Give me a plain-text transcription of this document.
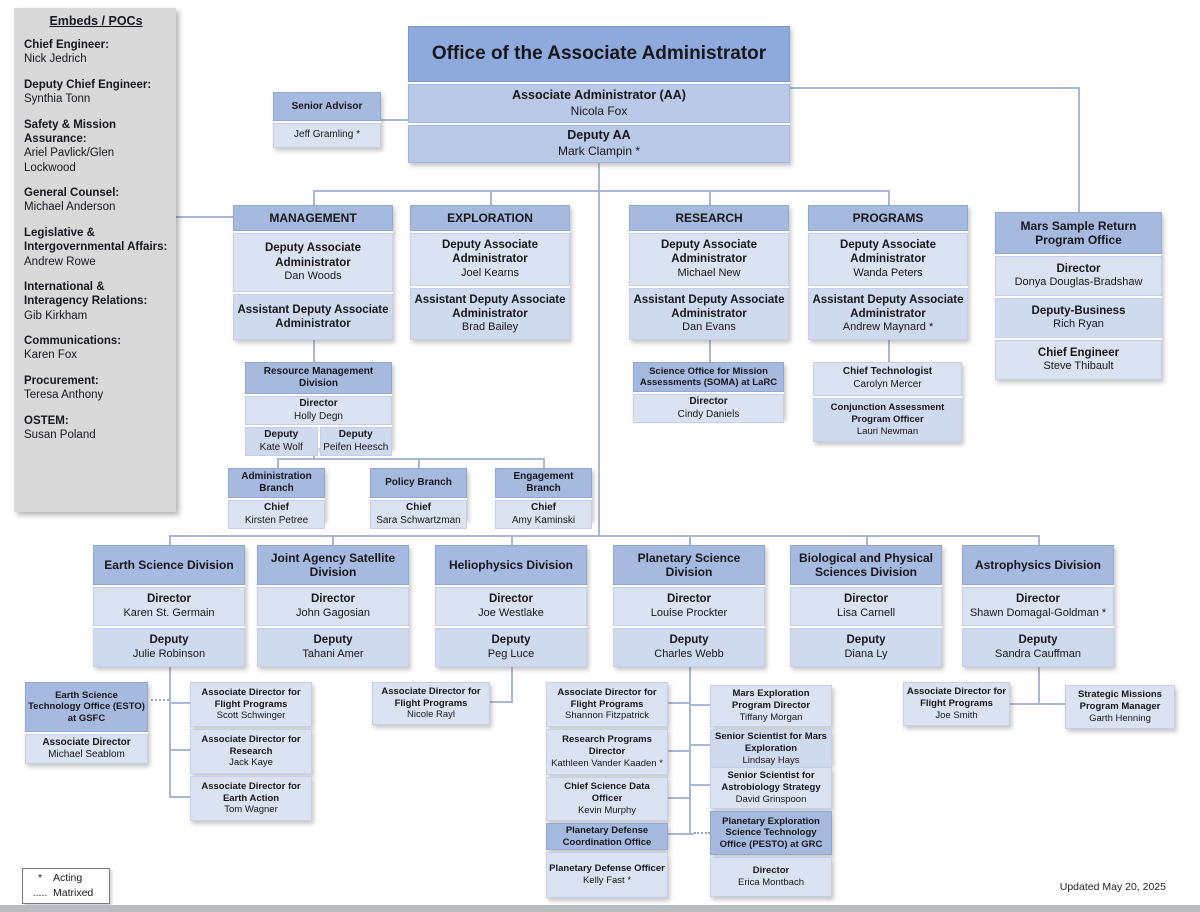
Embeds / POCs

Chief Engineer:
Nick Jedrich

Deputy Chief Engineer:
Synthia Tonn

Safety & Mission Assurance:
Ariel Pavlick/Glen Lockwood

General Counsel:
Michael Anderson

Legislative & Intergovernmental Affairs:
Andrew Rowe

International & Interagency Relations:
Gib Kirkham

Communications:
Karen Fox

Procurement:
Teresa Anthony

OSTEM:
Susan Poland

Office of the Associate Administrator
Associate Administrator (AA)
Nicola Fox
Deputy AA
Mark Clampin *
Senior Advisor
Jeff Gramling *
MANAGEMENT
Deputy Associate Administrator
Dan Woods
Assistant Deputy Associate Administrator
EXPLORATION
Deputy Associate Administrator
Joel Kearns
Assistant Deputy Associate Administrator
Brad Bailey
RESEARCH
Deputy Associate Administrator
Michael New
Assistant Deputy Associate Administrator
Dan Evans
PROGRAMS
Deputy Associate Administrator
Wanda Peters
Assistant Deputy Associate Administrator
Andrew Maynard *
Mars Sample Return Program Office
Director
Donya Douglas-Bradshaw
Deputy-Business
Rich Ryan
Chief Engineer
Steve Thibault
Resource Management Division
Director
Holly Degn
Deputy
Kate Wolf
Deputy
Peifen Heesch
Administration Branch
Chief
Kirsten Petree
Policy Branch
Chief
Sara Schwartzman
Engagement Branch
Chief
Amy Kaminski
Science Office for Mission Assessments (SOMA) at LaRC
Director
Cindy Daniels
Chief Technologist
Carolyn Mercer
Conjunction Assessment Program Officer
Lauri Newman
Earth Science Division
Director
Karen St. Germain
Deputy
Julie Robinson
Joint Agency Satellite Division
Director
John Gagosian
Deputy
Tahani Amer
Heliophysics Division
Director
Joe Westlake
Deputy
Peg Luce
Planetary Science Division
Director
Louise Prockter
Deputy
Charles Webb
Biological and Physical Sciences Division
Director
Lisa Carnell
Deputy
Diana Ly
Astrophysics Division
Director
Shawn Domagal-Goldman *
Deputy
Sandra Cauffman
Earth Science Technology Office (ESTO) at GSFC
Associate Director
Michael Seablom
Associate Director for Flight Programs
Scott Schwinger
Associate Director for Research
Jack Kaye
Associate Director for Earth Action
Tom Wagner
Associate Director for Flight Programs
Nicole Rayl
Associate Director for Flight Programs
Shannon Fitzpatrick
Research Programs Director
Kathleen Vander Kaaden *
Chief Science Data Officer
Kevin Murphy
Planetary Defense Coordination Office
Planetary Defense Officer
Kelly Fast *
Mars Exploration Program Director
Tiffany Morgan
Senior Scientist for Mars Exploration
Lindsay Hays
Senior Scientist for Astrobiology Strategy
David Grinspoon
Planetary Exploration Science Technology Office (PESTO) at GRC
Director
Erica Montbach
Associate Director for Flight Programs
Joe Smith
Strategic Missions Program Manager
Garth Henning
*	Acting
..... Matrixed
Updated May 20, 2025
